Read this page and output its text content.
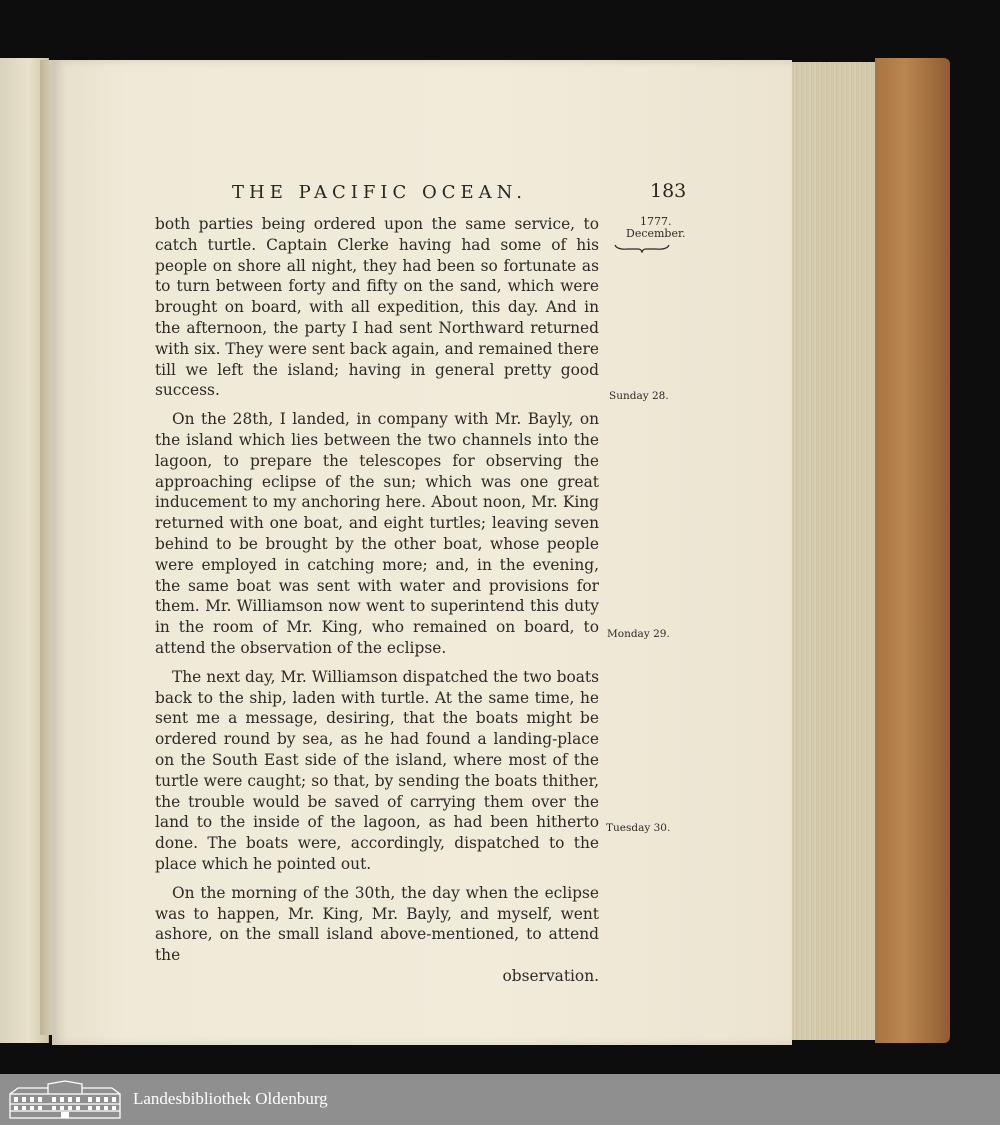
THE PACIFIC OCEAN.	183
1777.
December.
Sunday 28.
Monday 29.
Tuesday 30.

both parties being ordered upon the same service, to catch turtle. Captain Clerke having had some of his people on shore all night, they had been so fortunate as to turn between forty and fifty on the sand, which were brought on board, with all expedition, this day. And in the afternoon, the party I had sent Northward returned with six. They were sent back again, and remained there till we left the island; having in general pretty good success.

On the 28th, I landed, in company with Mr. Bayly, on the island which lies between the two channels into the lagoon, to prepare the telescopes for observing the approaching eclipse of the sun; which was one great inducement to my anchoring here. About noon, Mr. King returned with one boat, and eight turtles; leaving seven behind to be brought by the other boat, whose people were employed in catching more; and, in the evening, the same boat was sent with water and provisions for them. Mr. Williamson now went to superintend this duty in the room of Mr. King, who remained on board, to attend the observation of the eclipse.

The next day, Mr. Williamson dispatched the two boats back to the ship, laden with turtle. At the same time, he sent me a message, desiring, that the boats might be ordered round by sea, as he had found a landing-place on the South East side of the island, where most of the turtle were caught; so that, by sending the boats thither, the trouble would be saved of carrying them over the land to the inside of the lagoon, as had been hitherto done. The boats were, accordingly, dispatched to the place which he pointed out.

On the morning of the 30th, the day when the eclipse was to happen, Mr. King, Mr. Bayly, and myself, went ashore, on the small island above-mentioned, to attend the

observation.

Landesbibliothek Oldenburg
